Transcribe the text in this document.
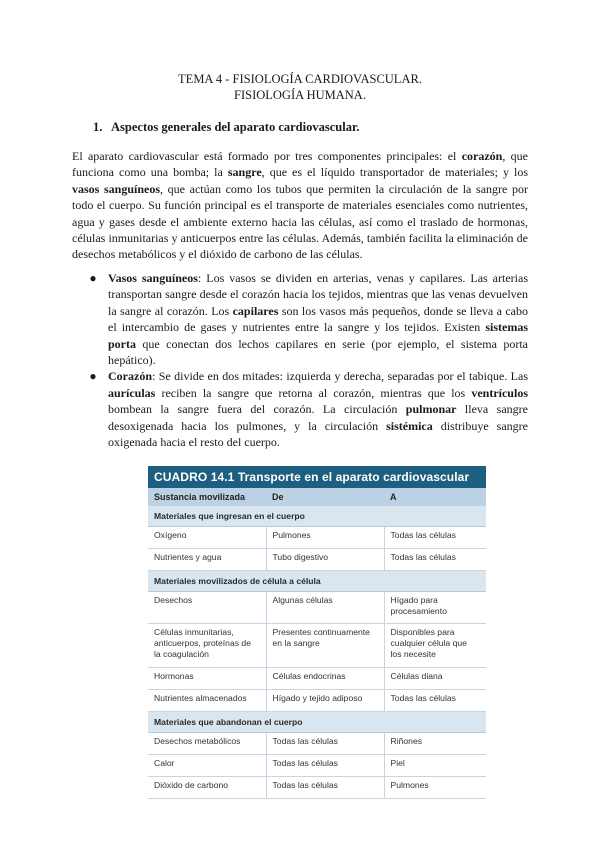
TEMA 4 - FISIOLOGÍA CARDIOVASCULAR.
FISIOLOGÍA HUMANA.
1. Aspectos generales del aparato cardiovascular.
El aparato cardiovascular está formado por tres componentes principales: el corazón, que funciona como una bomba; la sangre, que es el líquido transportador de materiales; y los vasos sanguíneos, que actúan como los tubos que permiten la circulación de la sangre por todo el cuerpo. Su función principal es el transporte de materiales esenciales como nutrientes, agua y gases desde el ambiente externo hacia las células, así como el traslado de hormonas, células inmunitarias y anticuerpos entre las células. Además, también facilita la eliminación de desechos metabólicos y el dióxido de carbono de las células.
● Vasos sanguíneos: Los vasos se dividen en arterias, venas y capilares. Las arterias transportan sangre desde el corazón hacia los tejidos, mientras que las venas devuelven la sangre al corazón. Los capilares son los vasos más pequeños, donde se lleva a cabo el intercambio de gases y nutrientes entre la sangre y los tejidos. Existen sistemas porta que conectan dos lechos capilares en serie (por ejemplo, el sistema porta hepático).
● Corazón: Se divide en dos mitades: izquierda y derecha, separadas por el tabique. Las aurículas reciben la sangre que retorna al corazón, mientras que los ventrículos bombean la sangre fuera del corazón. La circulación pulmonar lleva sangre desoxigenada hacia los pulmones, y la circulación sistémica distribuye sangre oxigenada hacia el resto del cuerpo.
CUADRO 14.1 Transporte en el aparato cardiovascular
Sustancia movilizada	De	A
Materiales que ingresan en el cuerpo		
Oxígeno	Pulmones	Todas las células
Nutrientes y agua	Tubo digestivo	Todas las células
Materiales movilizados de célula a célula		
Desechos	Algunas células	Hígado para procesamiento
Células inmunitarias, anticuerpos, proteínas de la coagulación	Presentes continuamente en la sangre	Disponibles para cualquier célula que los necesite
Hormonas	Células endocrinas	Células diana
Nutrientes almacenados	Hígado y tejido adiposo	Todas las células
Materiales que abandonan el cuerpo		
Desechos metabólicos	Todas las células	Riñones
Calor	Todas las células	Piel
Dióxido de carbono	Todas las células	Pulmones
